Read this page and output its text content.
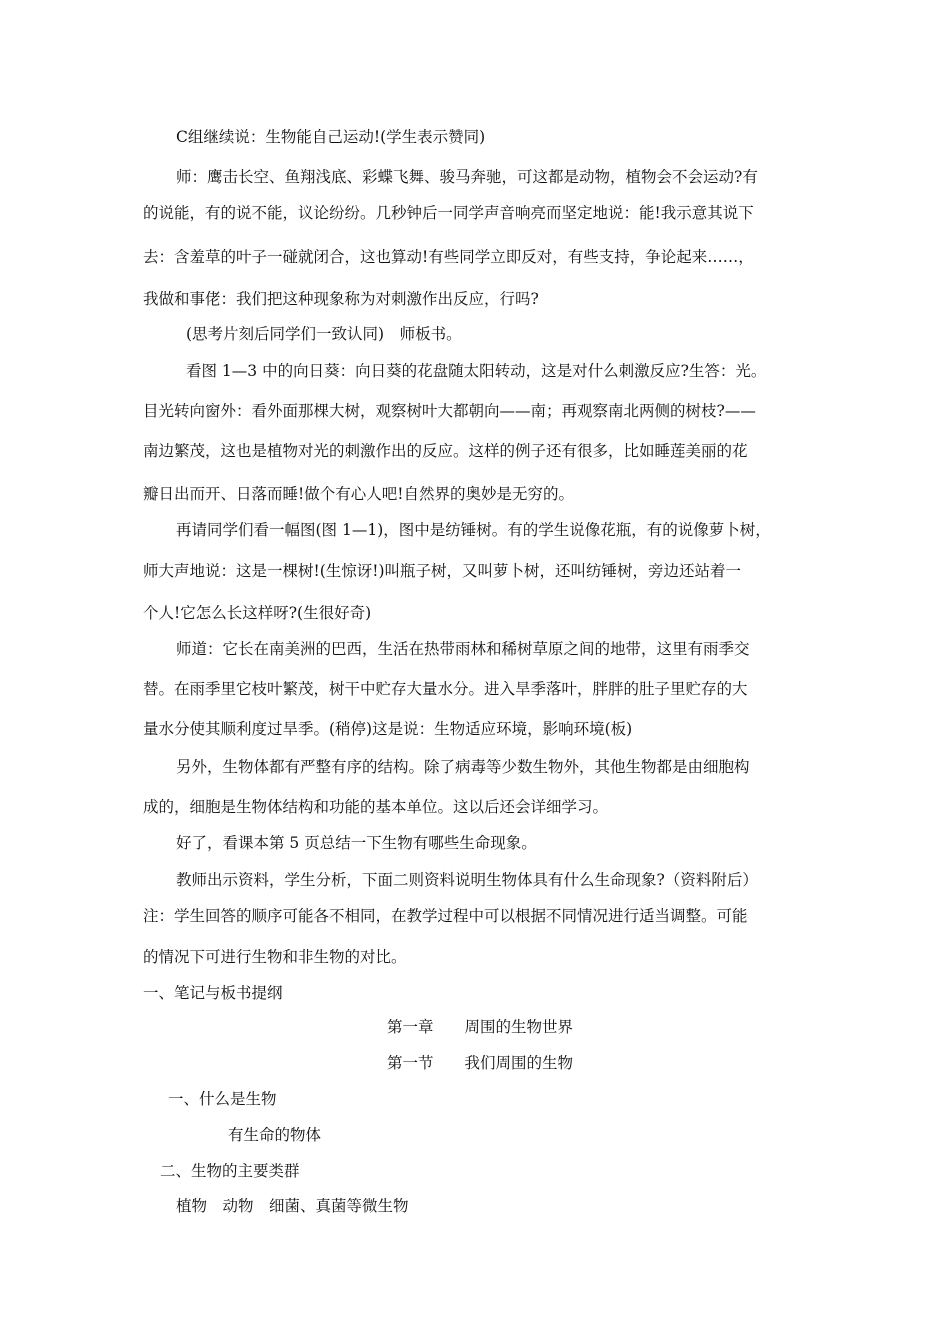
C组继续说：生物能自己运动!(学生表示赞同)
师：鹰击长空、鱼翔浅底、彩蝶飞舞、骏马奔驰，可这都是动物，植物会不会运动?有
的说能，有的说不能，议论纷纷。几秒钟后一同学声音响亮而坚定地说：能!我示意其说下
去：含羞草的叶子一碰就闭合，这也算动!有些同学立即反对，有些支持，争论起来……，
我做和事佬：我们把这种现象称为对刺激作出反应，行吗?
(思考片刻后同学们一致认同)　师板书。
看图 1—3 中的向日葵：向日葵的花盘随太阳转动，这是对什么刺激反应?生答：光。
目光转向窗外：看外面那棵大树，观察树叶大都朝向——南；再观察南北两侧的树枝?——
南边繁茂，这也是植物对光的刺激作出的反应。这样的例子还有很多，比如睡莲美丽的花
瓣日出而开、日落而睡!做个有心人吧!自然界的奥妙是无穷的。
再请同学们看一幅图(图 1—1)，图中是纺锤树。有的学生说像花瓶，有的说像萝卜树，
师大声地说：这是一棵树!(生惊讶!)叫瓶子树，又叫萝卜树，还叫纺锤树，旁边还站着一
个人!它怎么长这样呀?(生很好奇)
师道：它长在南美洲的巴西，生活在热带雨林和稀树草原之间的地带，这里有雨季交
替。在雨季里它枝叶繁茂，树干中贮存大量水分。进入旱季落叶，胖胖的肚子里贮存的大
量水分使其顺利度过旱季。(稍停)这是说：生物适应环境，影响环境(板)
另外，生物体都有严整有序的结构。除了病毒等少数生物外，其他生物都是由细胞构
成的，细胞是生物体结构和功能的基本单位。这以后还会详细学习。
好了，看课本第 5 页总结一下生物有哪些生命现象。
教师出示资料，学生分析，下面二则资料说明生物体具有什么生命现象?（资料附后）
注：学生回答的顺序可能各不相同，在教学过程中可以根据不同情况进行适当调整。可能
的情况下可进行生物和非生物的对比。
一、笔记与板书提纲
第一章　　周围的生物世界
第一节　　我们周围的生物
一、什么是生物
有生命的物体
二、生物的主要类群
植物　动物　细菌、真菌等微生物
